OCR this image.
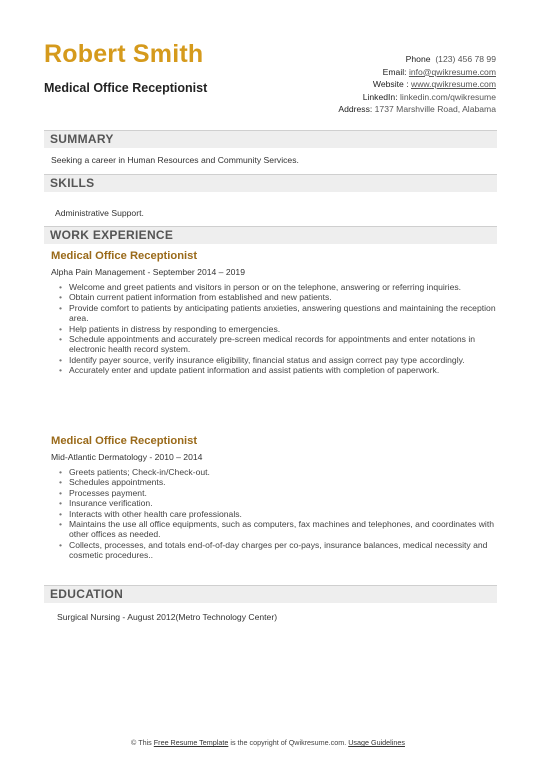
Robert Smith
Medical Office Receptionist
Phone (123) 456 78 99
Email: info@qwikresume.com
Website : www.qwikresume.com
LinkedIn: linkedin.com/qwikresume
Address: 1737 Marshville Road, Alabama
SUMMARY
Seeking a career in Human Resources and Community Services.
SKILLS
Administrative Support.
WORK EXPERIENCE
Medical Office Receptionist
Alpha Pain Management - September 2014 – 2019
• Welcome and greet patients and visitors in person or on the telephone, answering or referring inquiries.
• Obtain current patient information from established and new patients.
• Provide comfort to patients by anticipating patients anxieties, answering questions and maintaining the reception area.
• Help patients in distress by responding to emergencies.
• Schedule appointments and accurately pre-screen medical records for appointments and enter notations in electronic health record system.
• Identify payer source, verify insurance eligibility, financial status and assign correct pay type accordingly.
• Accurately enter and update patient information and assist patients with completion of paperwork.
Medical Office Receptionist
Mid-Atlantic Dermatology - 2010 – 2014
• Greets patients; Check-in/Check-out.
• Schedules appointments.
• Processes payment.
• Insurance verification.
• Interacts with other health care professionals.
• Maintains the use all office equipments, such as computers, fax machines and telephones, and coordinates with other offices as needed.
• Collects, processes, and totals end-of-of-day charges per co-pays, insurance balances, medical necessity and cosmetic procedures..
EDUCATION
Surgical Nursing - August 2012(Metro Technology Center)
© This Free Resume Template is the copyright of Qwikresume.com. Usage Guidelines
